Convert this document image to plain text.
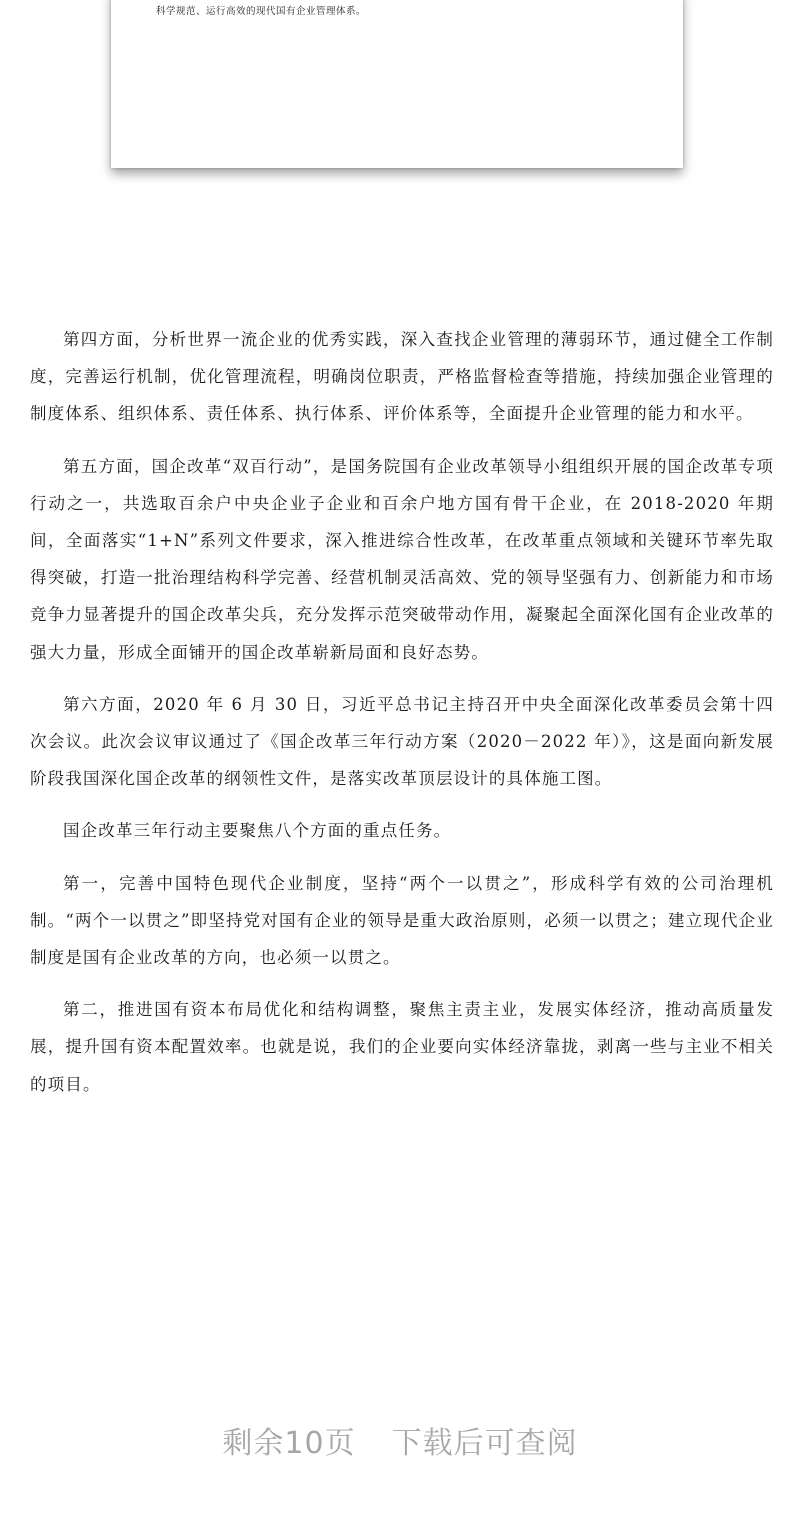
科学规范、运行高效的现代国有企业管理体系。

第四方面，分析世界一流企业的优秀实践，深入查找企业管理的薄弱环节，通过健全工作制度，完善运行机制，优化管理流程，明确岗位职责，严格监督检查等措施，持续加强企业管理的制度体系、组织体系、责任体系、执行体系、评价体系等，全面提升企业管理的能力和水平。

第五方面，国企改革“双百行动”，是国务院国有企业改革领导小组组织开展的国企改革专项行动之一，共选取百余户中央企业子企业和百余户地方国有骨干企业，在 2018-2020 年期间，全面落实“1+N”系列文件要求，深入推进综合性改革，在改革重点领域和关键环节率先取得突破，打造一批治理结构科学完善、经营机制灵活高效、党的领导坚强有力、创新能力和市场竞争力显著提升的国企改革尖兵，充分发挥示范突破带动作用，凝聚起全面深化国有企业改革的强大力量，形成全面铺开的国企改革崭新局面和良好态势。

第六方面，2020 年 6 月 30 日，习近平总书记主持召开中央全面深化改革委员会第十四次会议。此次会议审议通过了《国企改革三年行动方案（2020－2022 年）》，这是面向新发展阶段我国深化国企改革的纲领性文件，是落实改革顶层设计的具体施工图。

国企改革三年行动主要聚焦八个方面的重点任务。

第一，完善中国特色现代企业制度，坚持“两个一以贯之”，形成科学有效的公司治理机制。“两个一以贯之”即坚持党对国有企业的领导是重大政治原则，必须一以贯之；建立现代企业制度是国有企业改革的方向，也必须一以贯之。

第二，推进国有资本布局优化和结构调整，聚焦主责主业，发展实体经济，推动高质量发展，提升国有资本配置效率。也就是说，我们的企业要向实体经济靠拢，剥离一些与主业不相关的项目。

剩余10页 下载后可查阅
